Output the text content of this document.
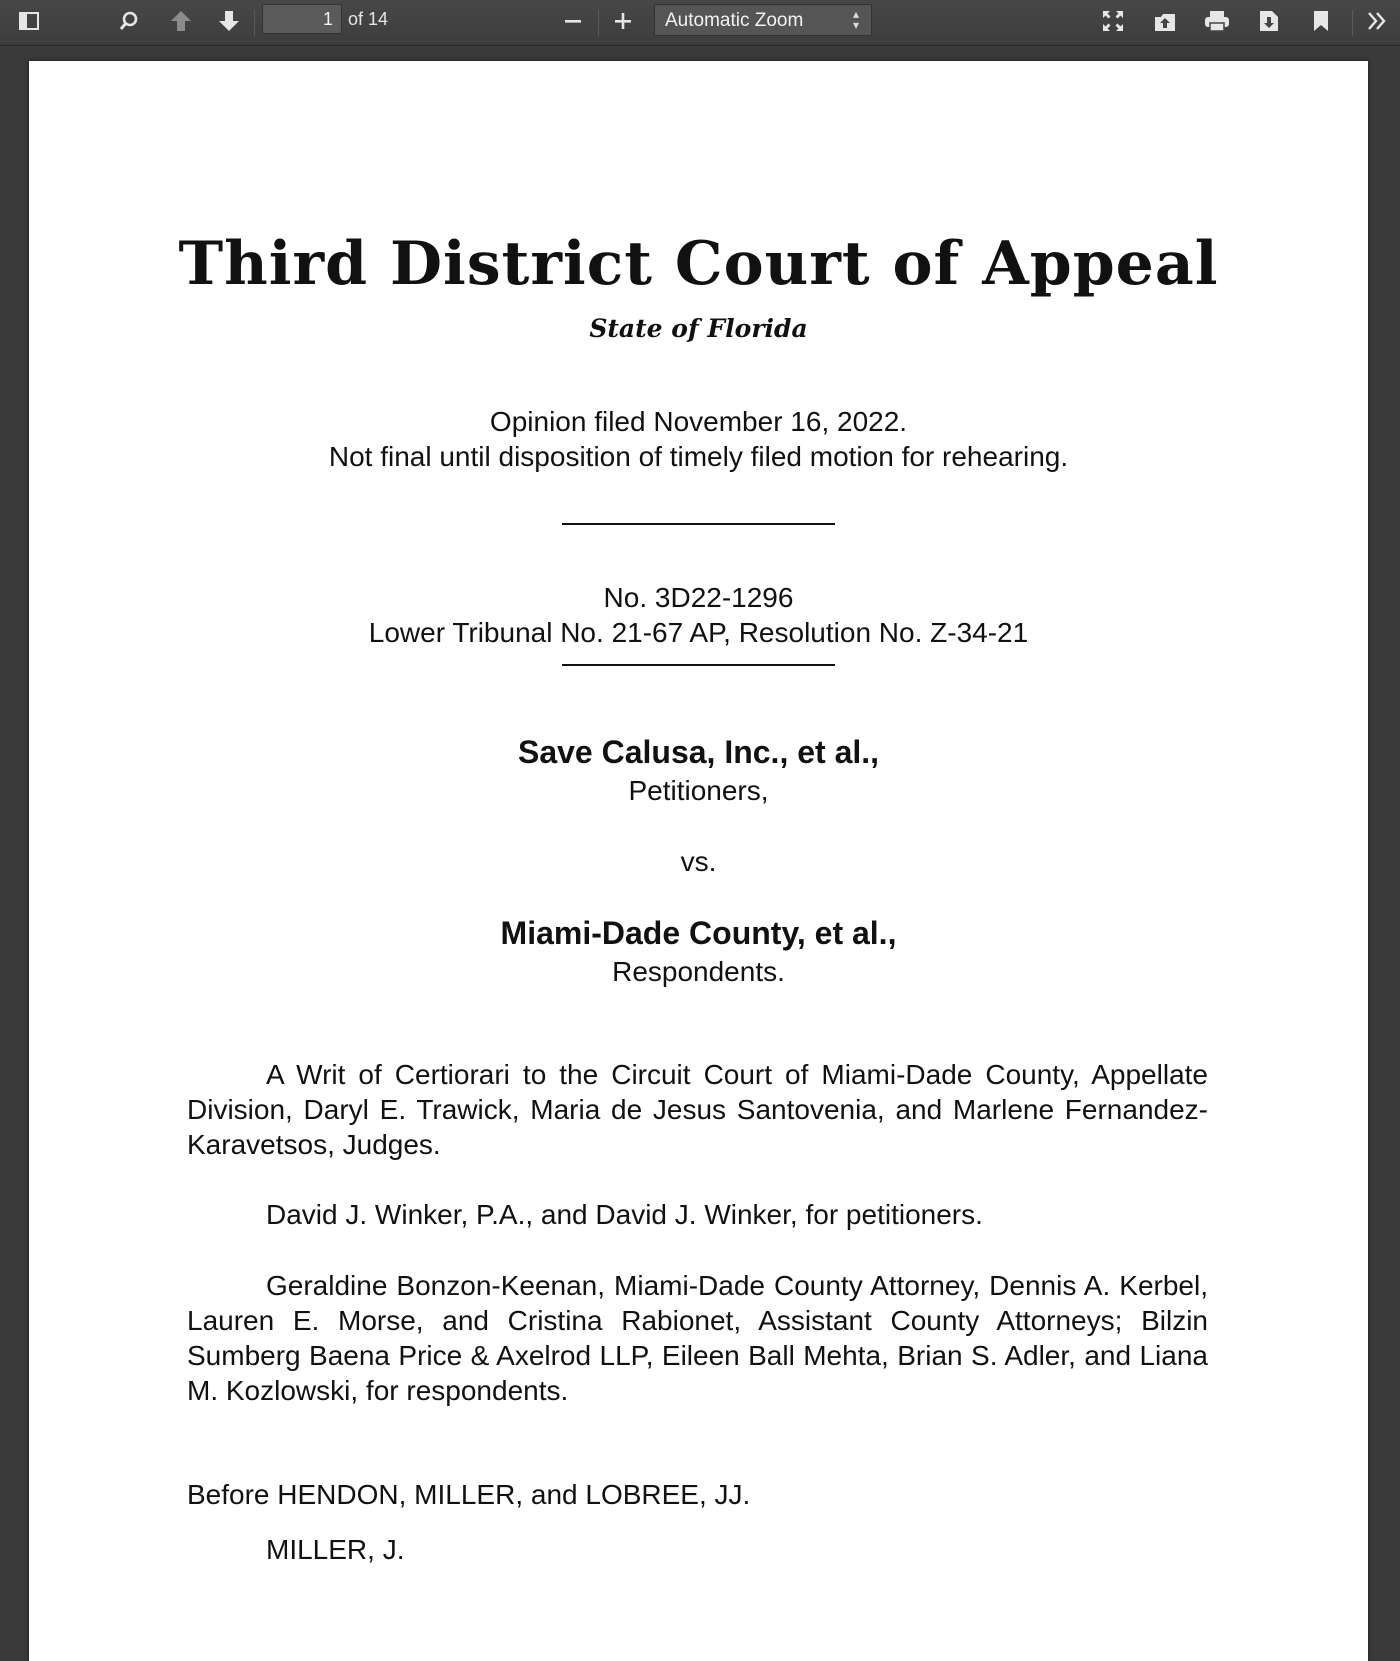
1
of 14	Automatic Zoom	▴
▾
Third District Court of Appeal
State of Florida
Opinion filed November 16, 2022.
Not final until disposition of timely filed motion for rehearing.
No. 3D22-1296
Lower Tribunal No. 21-67 AP, Resolution No. Z-34-21
Save Calusa, Inc., et al.,
Petitioners,
vs.
Miami-Dade County, et al.,
Respondents.
A Writ of Certiorari to the Circuit Court of Miami-Dade County, Appellate Division, Daryl E. Trawick, Maria de Jesus Santovenia, and Marlene Fernandez-Karavetsos, Judges.
David J. Winker, P.A., and David J. Winker, for petitioners.
Geraldine Bonzon-Keenan, Miami-Dade County Attorney, Dennis A. Kerbel, Lauren E. Morse, and Cristina Rabionet, Assistant County Attorneys; Bilzin Sumberg Baena Price & Axelrod LLP, Eileen Ball Mehta, Brian S. Adler, and Liana M. Kozlowski, for respondents.
Before HENDON, MILLER, and LOBREE, JJ.
MILLER, J.
